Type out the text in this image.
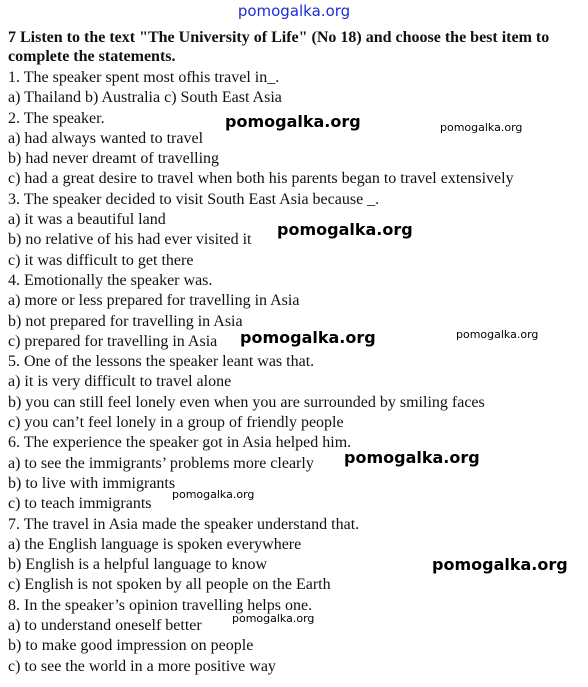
pomogalka.org
7 Listen to the text "The University of Life" (No 18) and choose the best item to complete the statements.
1. The speaker spent most ofhis travel in_.
a) Thailand b) Australia c) South East Asia
2. The speaker.
a) had always wanted to travel
b) had never dreamt of travelling
c) had a great desire to travel when both his parents began to travel extensively
3. The speaker decided to visit South East Asia because _.
a) it was a beautiful land
b) no relative of his had ever visited it
c) it was difficult to get there
4. Emotionally the speaker was.
a) more or less prepared for travelling in Asia
b) not prepared for travelling in Asia
c) prepared for travelling in Asia
5. One of the lessons the speaker leant was that.
a) it is very difficult to travel alone
b) you can still feel lonely even when you are surrounded by smiling faces
c) you can’t feel lonely in a group of friendly people
6. The experience the speaker got in Asia helped him.
a) to see the immigrants’ problems more clearly
b) to live with immigrants
c) to teach immigrants
7. The travel in Asia made the speaker understand that.
a) the English language is spoken everywhere
b) English is a helpful language to know
c) English is not spoken by all people on the Earth
8. In the speaker’s opinion travelling helps one.
a) to understand oneself better
b) to make good impression on people
c) to see the world in a more positive way
pomogalka.org	pomogalka.org
pomogalka.org
pomogalka.org	pomogalka.org
pomogalka.org
pomogalka.org
pomogalka.org
pomogalka.org
